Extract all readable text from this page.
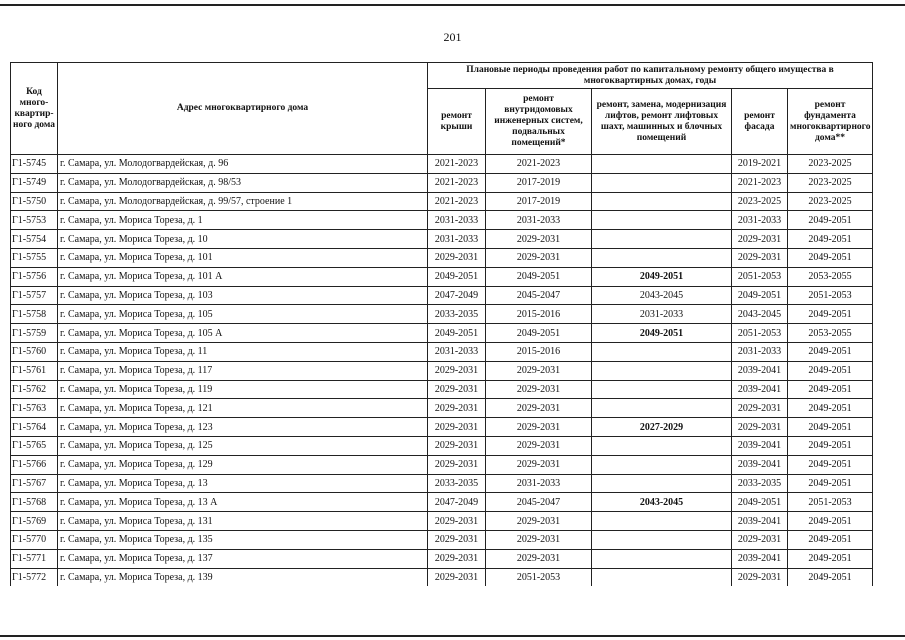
201
Код много-квартир-ного дома	Адрес многоквартирного дома	Плановые периоды проведения работ по капитальному ремонту общего имущества в многоквартирных домах, годы				
		ремонт крыши	ремонт внутридомовых инженерных систем, подвальных помещений*	ремонт, замена, модернизация лифтов, ремонт лифтовых шахт, машинных и блочных помещений	ремонт фасада	ремонт фундамента многоквартирного дома**
Г1-5745	г. Самара, ул. Молодогвардейская, д. 96	2021-2023	2021-2023		2019-2021	2023-2025
Г1-5749	г. Самара, ул. Молодогвардейская, д. 98/53	2021-2023	2017-2019		2021-2023	2023-2025
Г1-5750	г. Самара, ул. Молодогвардейская, д. 99/57, строение 1	2021-2023	2017-2019		2023-2025	2023-2025
Г1-5753	г. Самара, ул. Мориса Тореза, д. 1	2031-2033	2031-2033		2031-2033	2049-2051
Г1-5754	г. Самара, ул. Мориса Тореза, д. 10	2031-2033	2029-2031		2029-2031	2049-2051
Г1-5755	г. Самара, ул. Мориса Тореза, д. 101	2029-2031	2029-2031		2029-2031	2049-2051
Г1-5756	г. Самара, ул. Мориса Тореза, д. 101 А	2049-2051	2049-2051	2049-2051	2051-2053	2053-2055
Г1-5757	г. Самара, ул. Мориса Тореза, д. 103	2047-2049	2045-2047	2043-2045	2049-2051	2051-2053
Г1-5758	г. Самара, ул. Мориса Тореза, д. 105	2033-2035	2015-2016	2031-2033	2043-2045	2049-2051
Г1-5759	г. Самара, ул. Мориса Тореза, д. 105 А	2049-2051	2049-2051	2049-2051	2051-2053	2053-2055
Г1-5760	г. Самара, ул. Мориса Тореза, д. 11	2031-2033	2015-2016		2031-2033	2049-2051
Г1-5761	г. Самара, ул. Мориса Тореза, д. 117	2029-2031	2029-2031		2039-2041	2049-2051
Г1-5762	г. Самара, ул. Мориса Тореза, д. 119	2029-2031	2029-2031		2039-2041	2049-2051
Г1-5763	г. Самара, ул. Мориса Тореза, д. 121	2029-2031	2029-2031		2029-2031	2049-2051
Г1-5764	г. Самара, ул. Мориса Тореза, д. 123	2029-2031	2029-2031	2027-2029	2029-2031	2049-2051
Г1-5765	г. Самара, ул. Мориса Тореза, д. 125	2029-2031	2029-2031		2039-2041	2049-2051
Г1-5766	г. Самара, ул. Мориса Тореза, д. 129	2029-2031	2029-2031		2039-2041	2049-2051
Г1-5767	г. Самара, ул. Мориса Тореза, д. 13	2033-2035	2031-2033		2033-2035	2049-2051
Г1-5768	г. Самара, ул. Мориса Тореза, д. 13 А	2047-2049	2045-2047	2043-2045	2049-2051	2051-2053
Г1-5769	г. Самара, ул. Мориса Тореза, д. 131	2029-2031	2029-2031		2039-2041	2049-2051
Г1-5770	г. Самара, ул. Мориса Тореза, д. 135	2029-2031	2029-2031		2029-2031	2049-2051
Г1-5771	г. Самара, ул. Мориса Тореза, д. 137	2029-2031	2029-2031		2039-2041	2049-2051
Г1-5772	г. Самара, ул. Мориса Тореза, д. 139	2029-2031	2051-2053		2029-2031	2049-2051
